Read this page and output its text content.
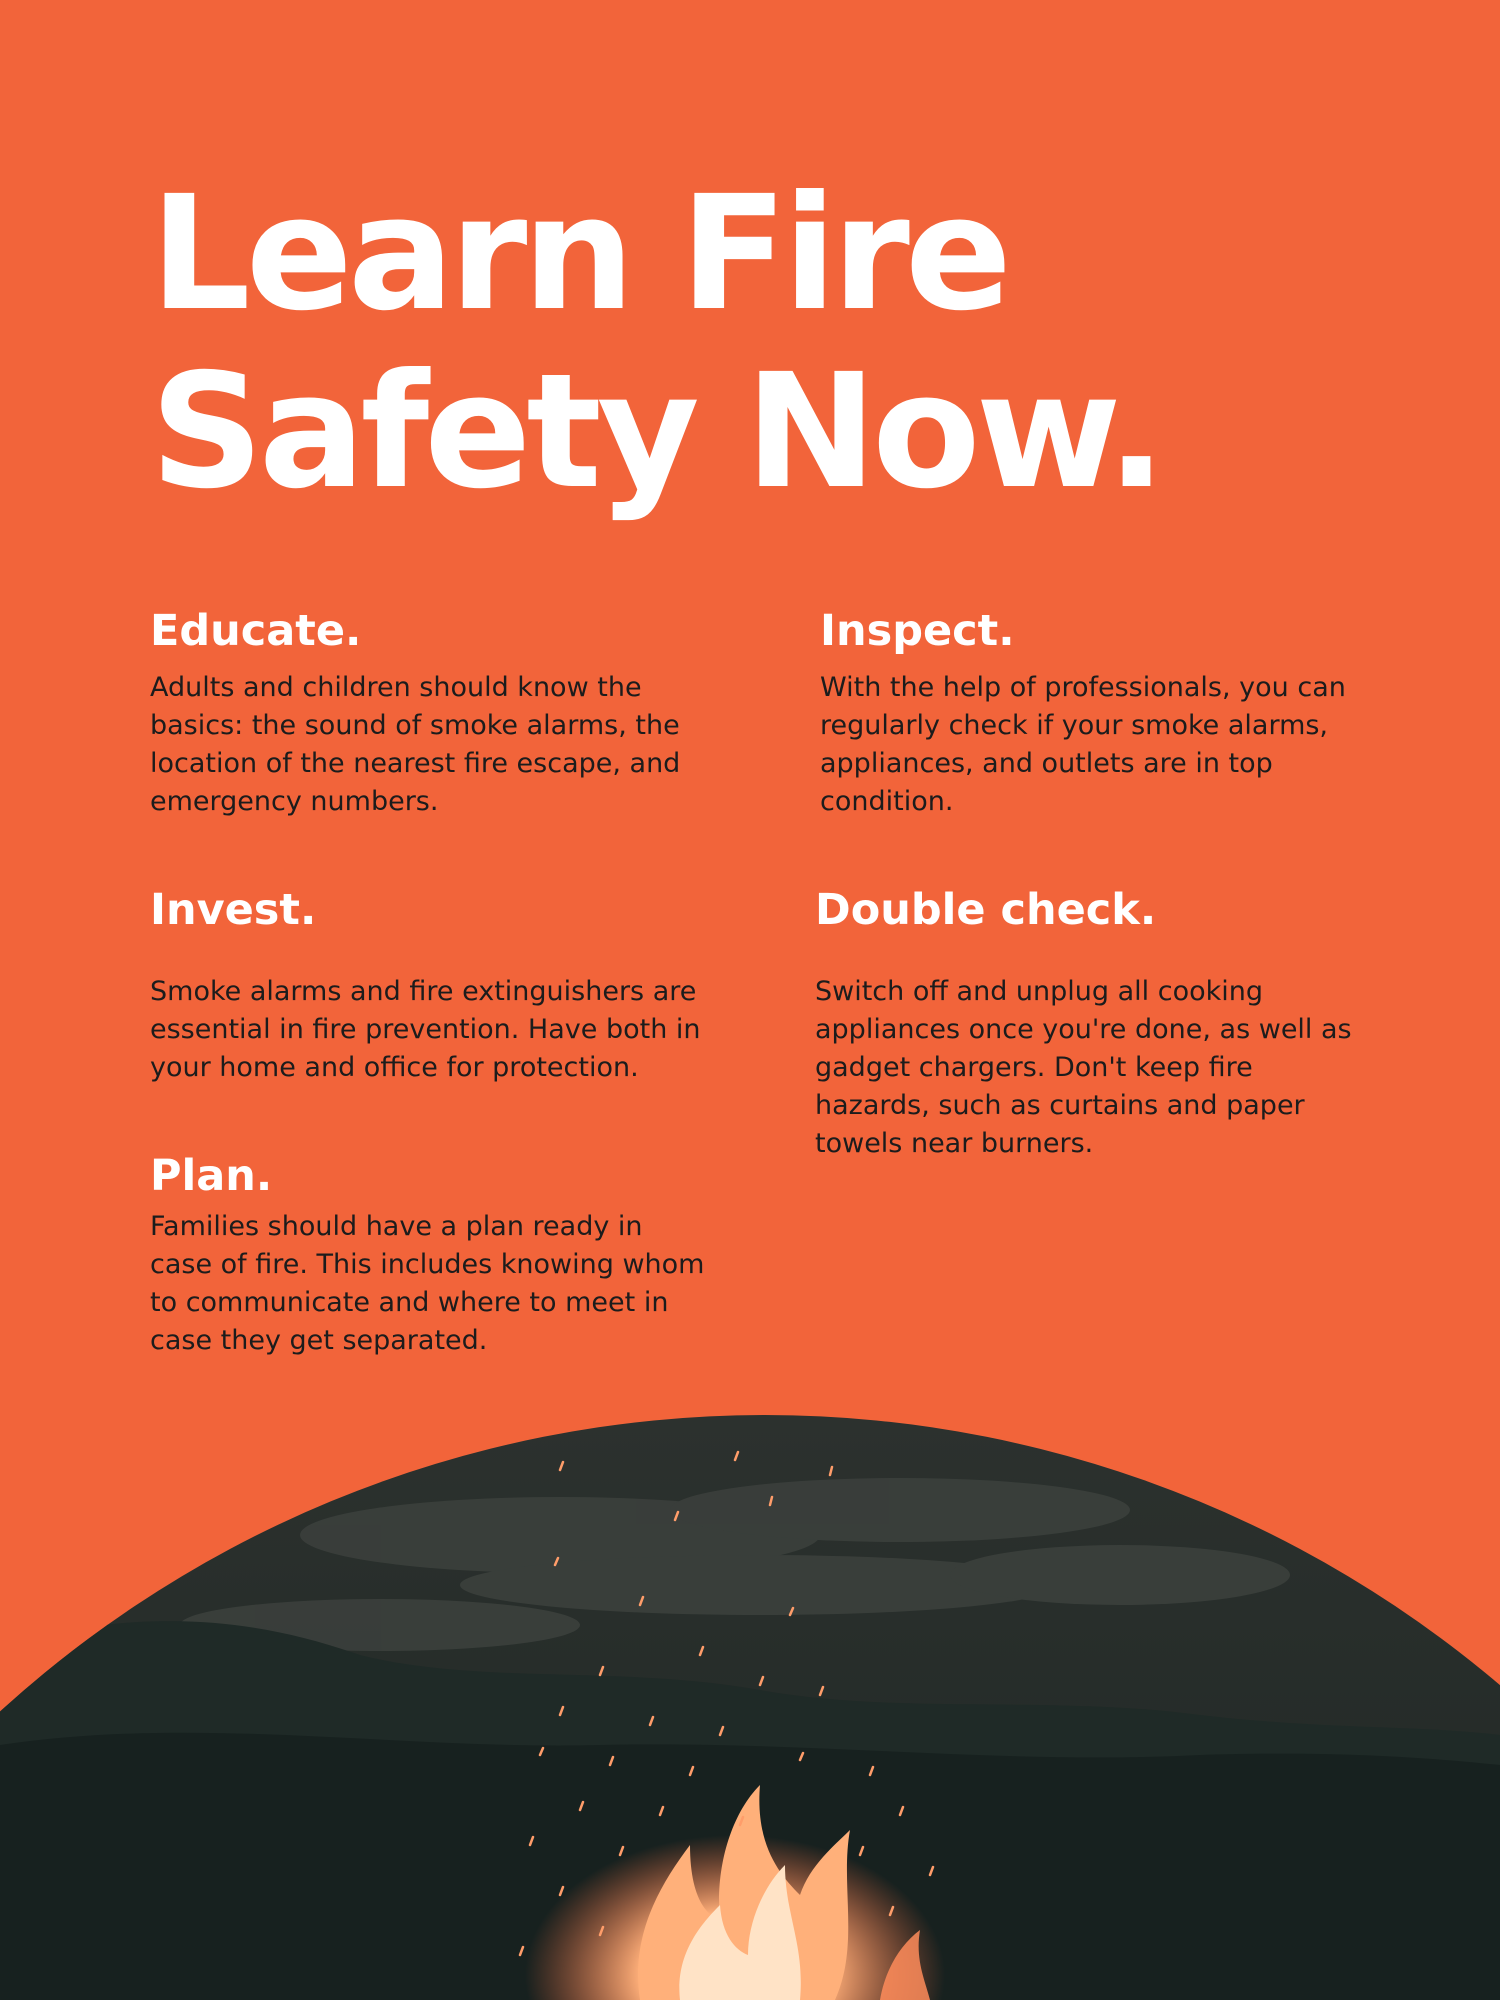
Learn Fire
Safety Now.
Educate.

Adults and children should know the
basics: the sound of smoke alarms, the
location of the nearest fire escape, and
emergency numbers.

Inspect.

With the help of professionals, you can
regularly check if your smoke alarms,
appliances, and outlets are in top
condition.

Invest.

Smoke alarms and fire extinguishers are
essential in fire prevention. Have both in
your home and office for protection.

Double check.

Switch off and unplug all cooking
appliances once you're done, as well as
gadget chargers. Don't keep fire
hazards, such as curtains and paper
towels near burners.

Plan.

Families should have a plan ready in
case of fire. This includes knowing whom
to communicate and where to meet in
case they get separated.
